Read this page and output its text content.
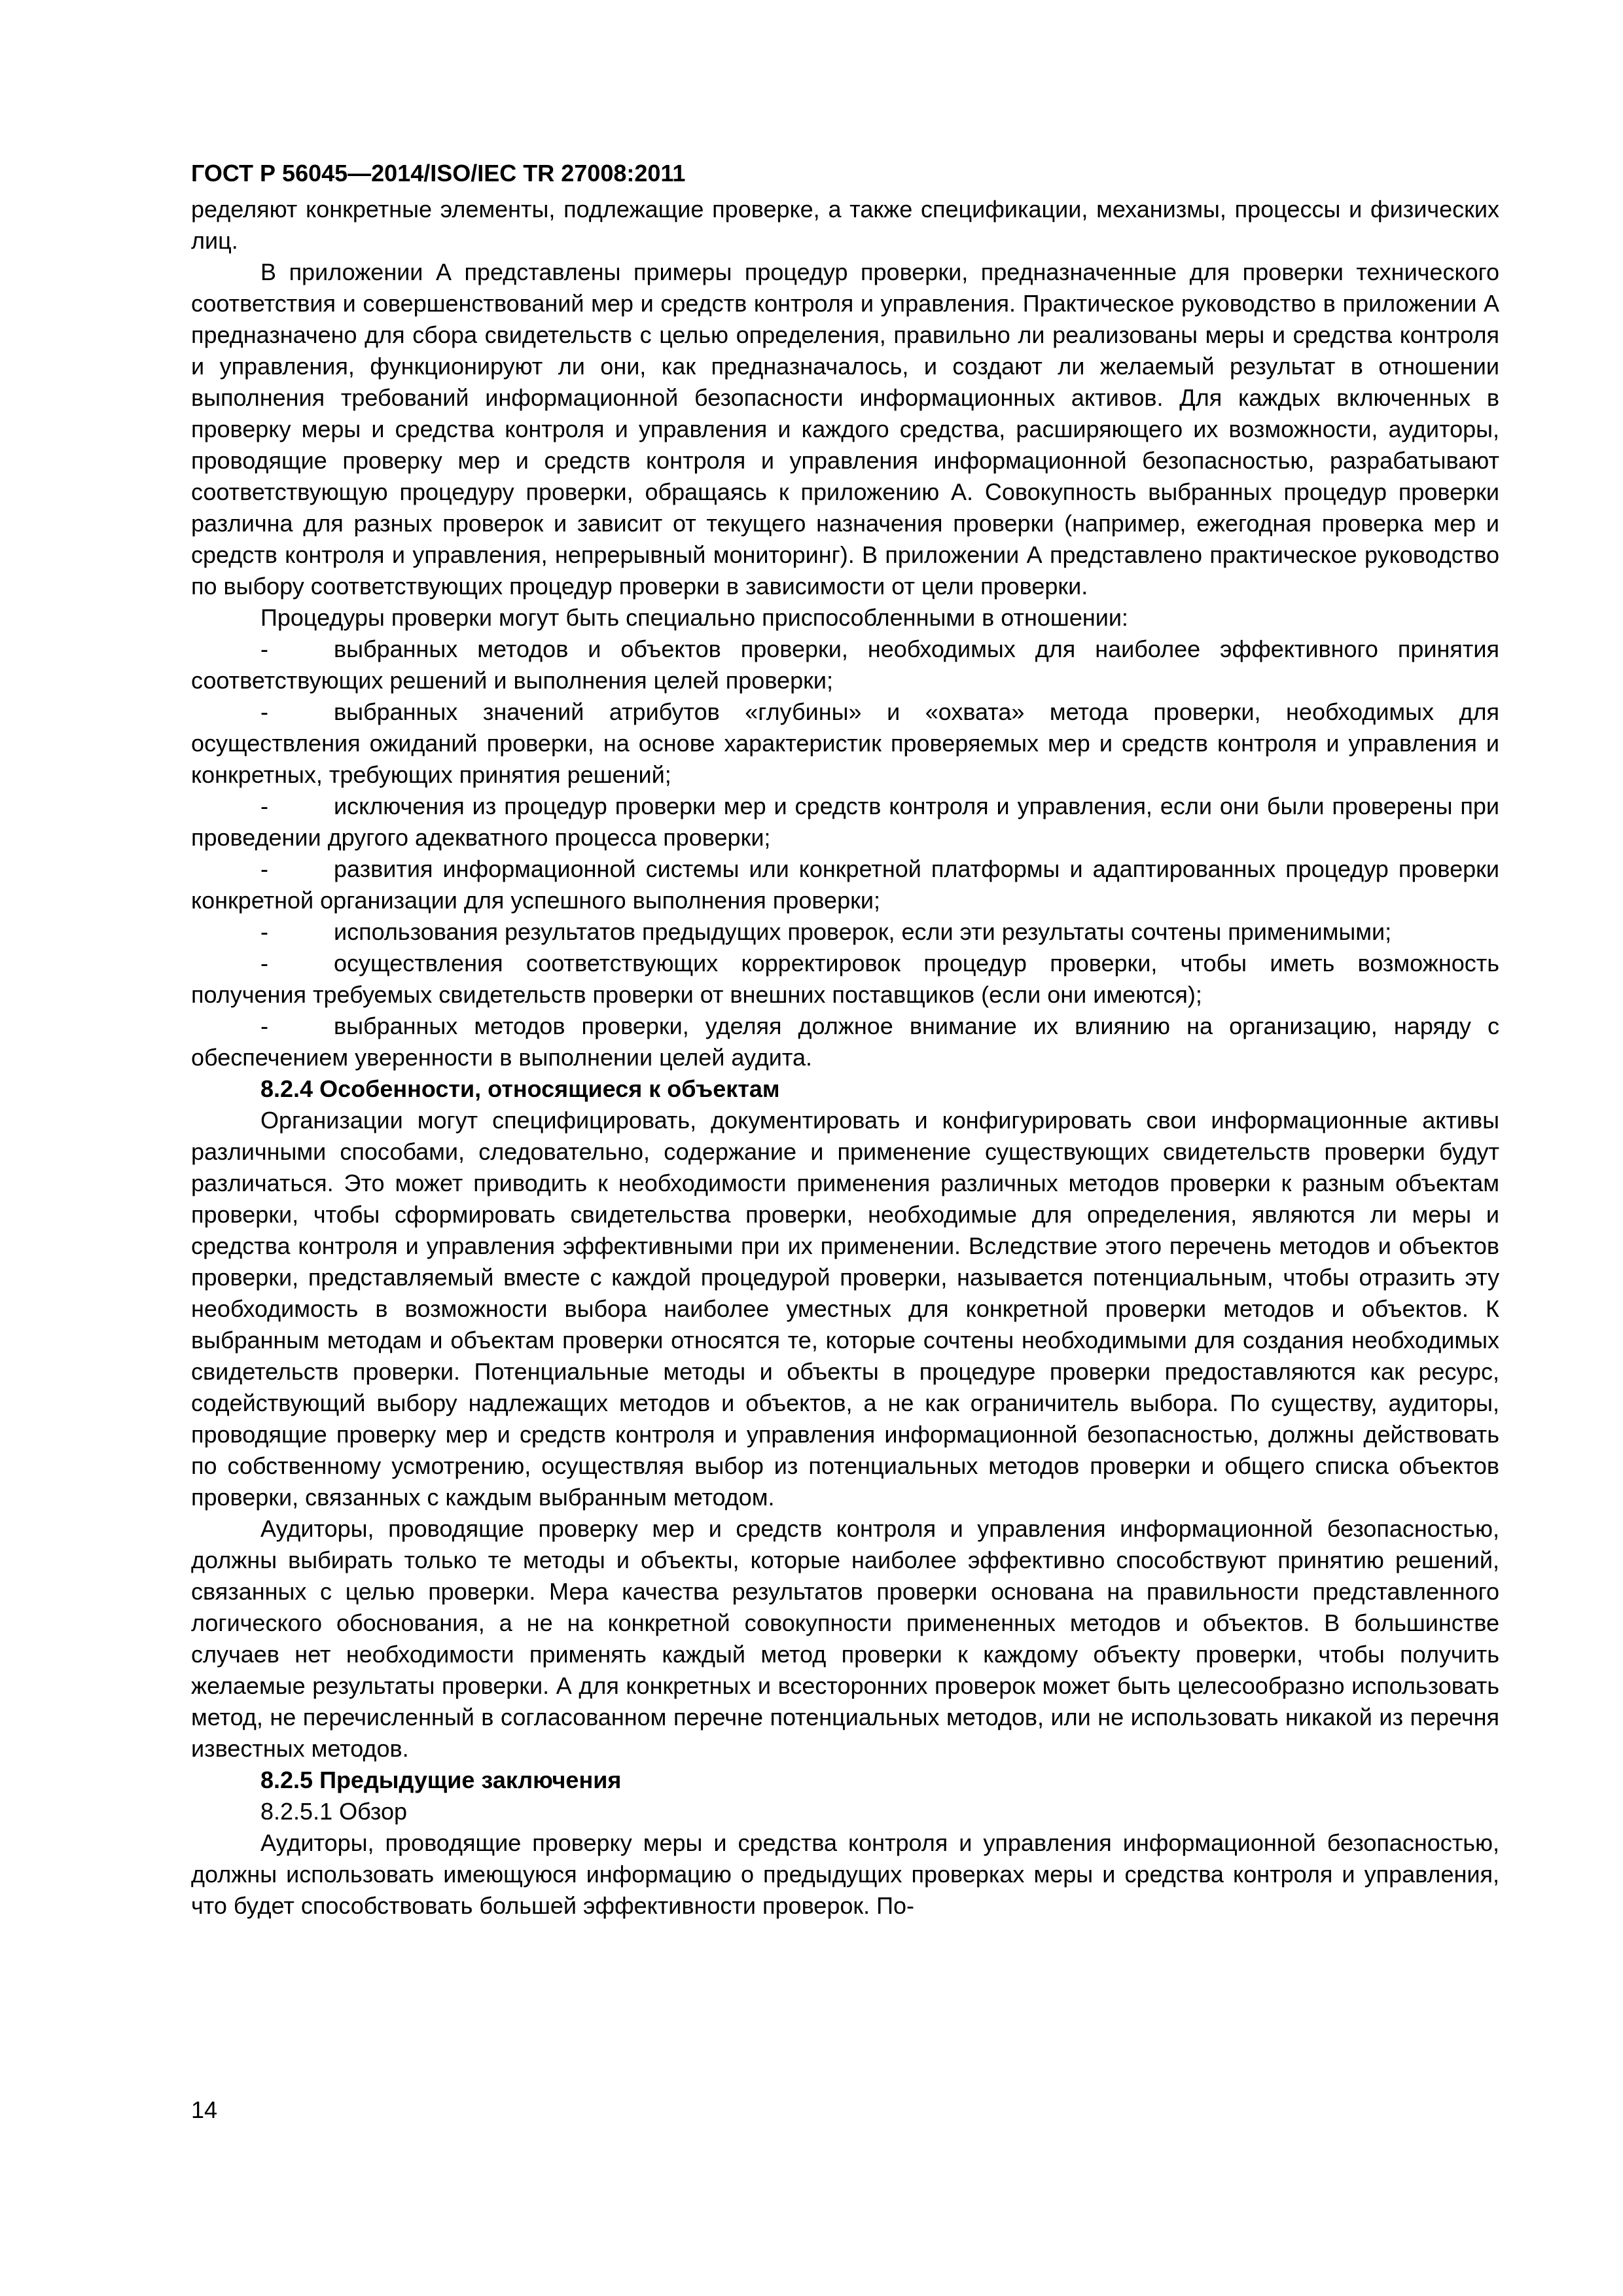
ГОСТ Р 56045—2014/ISO/IEC TR 27008:2011

ределяют конкретные элементы, подлежащие проверке, а также спецификации, механизмы, процессы и физических лиц.

В приложении А представлены примеры процедур проверки, предназначенные для проверки технического соответствия и совершенствований мер и средств контроля и управления. Практическое руководство в приложении А предназначено для сбора свидетельств с целью определения, правильно ли реализованы меры и средства контроля и управления, функционируют ли они, как предназначалось, и создают ли желаемый результат в отношении выполнения требований информационной безопасности информационных активов. Для каждых включенных в проверку меры и средства контроля и управления и каждого средства, расширяющего их возможности, аудиторы, проводящие проверку мер и средств контроля и управления информационной безопасностью, разрабатывают соответствующую процедуру проверки, обращаясь к приложению А. Совокупность выбранных процедур проверки различна для разных проверок и зависит от текущего назначения проверки (например, ежегодная проверка мер и средств контроля и управления, непрерывный мониторинг). В приложении А представлено практическое руководство по выбору соответствующих процедур проверки в зависимости от цели проверки.

Процедуры проверки могут быть специально приспособленными в отношении:

-	выбранных методов и объектов проверки, необходимых для наиболее эффективного принятия соответствующих решений и выполнения целей проверки;

-	выбранных значений атрибутов «глубины» и «охвата» метода проверки, необходимых для осуществления ожиданий проверки, на основе характеристик проверяемых мер и средств контроля и управления и конкретных, требующих принятия решений;

-	исключения из процедур проверки мер и средств контроля и управления, если они были проверены при проведении другого адекватного процесса проверки;

-	развития информационной системы или конкретной платформы и адаптированных процедур проверки конкретной организации для успешного выполнения проверки;

-	использования результатов предыдущих проверок, если эти результаты сочтены применимыми;

-	осуществления соответствующих корректировок процедур проверки, чтобы иметь возможность получения требуемых свидетельств проверки от внешних поставщиков (если они имеются);

-	выбранных методов проверки, уделяя должное внимание их влиянию на организацию, наряду с обеспечением уверенности в выполнении целей аудита.

8.2.4 Особенности, относящиеся к объектам

Организации могут специфицировать, документировать и конфигурировать свои информационные активы различными способами, следовательно, содержание и применение существующих свидетельств проверки будут различаться. Это может приводить к необходимости применения различных методов проверки к разным объектам проверки, чтобы сформировать свидетельства проверки, необходимые для определения, являются ли меры и средства контроля и управления эффективными при их применении. Вследствие этого перечень методов и объектов проверки, представляемый вместе с каждой процедурой проверки, называется потенциальным, чтобы отразить эту необходимость в возможности выбора наиболее уместных для конкретной проверки методов и объектов. К выбранным методам и объектам проверки относятся те, которые сочтены необходимыми для создания необходимых свидетельств проверки. Потенциальные методы и объекты в процедуре проверки предоставляются как ресурс, содействующий выбору надлежащих методов и объектов, а не как ограничитель выбора. По существу, аудиторы, проводящие проверку мер и средств контроля и управления информационной безопасностью, должны действовать по собственному усмотрению, осуществляя выбор из потенциальных методов проверки и общего списка объектов проверки, связанных с каждым выбранным методом.

Аудиторы, проводящие проверку мер и средств контроля и управления информационной безопасностью, должны выбирать только те методы и объекты, которые наиболее эффективно способствуют принятию решений, связанных с целью проверки. Мера качества результатов проверки основана на правильности представленного логического обоснования, а не на конкретной совокупности примененных методов и объектов. В большинстве случаев нет необходимости применять каждый метод проверки к каждому объекту проверки, чтобы получить желаемые результаты проверки. А для конкретных и всесторонних проверок может быть целесообразно использовать метод, не перечисленный в согласованном перечне потенциальных методов, или не использовать никакой из перечня известных методов.

8.2.5 Предыдущие заключения

8.2.5.1 Обзор

Аудиторы, проводящие проверку меры и средства контроля и управления информационной безопасностью, должны использовать имеющуюся информацию о предыдущих проверках меры и средства контроля и управления, что будет способствовать большей эффективности проверок. По-

14
